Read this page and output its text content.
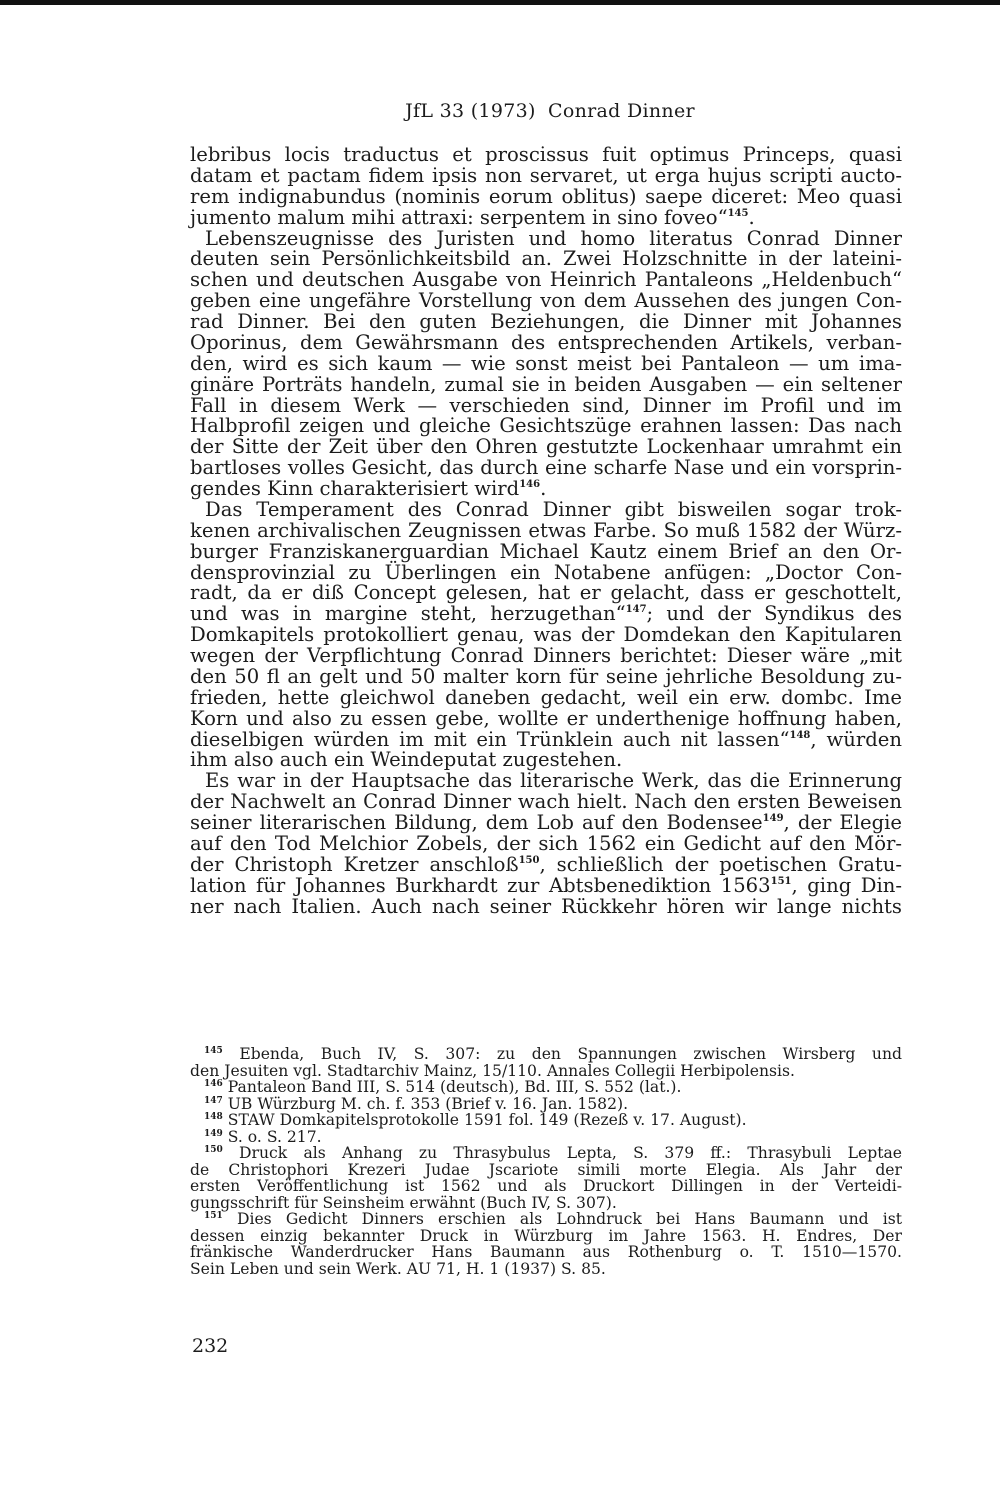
JfL 33 (1973) Conrad Dinner
lebribus locis traductus et proscissus fuit optimus Princeps, quasi
datam et pactam fidem ipsis non servaret, ut erga hujus scripti aucto-
rem indignabundus (nominis eorum oblitus) saepe diceret: Meo quasi
jumento malum mihi attraxi: serpentem in sino foveo“$^{145}$.
Lebenszeugnisse des Juristen und homo literatus Conrad Dinner
deuten sein Persönlichkeitsbild an. Zwei Holzschnitte in der lateini-
schen und deutschen Ausgabe von Heinrich Pantaleons „Heldenbuch“
geben eine ungefähre Vorstellung von dem Aussehen des jungen Con-
rad Dinner. Bei den guten Beziehungen, die Dinner mit Johannes
Oporinus, dem Gewährsmann des entsprechenden Artikels, verban-
den, wird es sich kaum — wie sonst meist bei Pantaleon — um ima-
ginäre Porträts handeln, zumal sie in beiden Ausgaben — ein seltener
Fall in diesem Werk — verschieden sind, Dinner im Profil und im
Halbprofil zeigen und gleiche Gesichtszüge erahnen lassen: Das nach
der Sitte der Zeit über den Ohren gestutzte Lockenhaar umrahmt ein
bartloses volles Gesicht, das durch eine scharfe Nase und ein vorsprin-
gendes Kinn charakterisiert wird$^{146}$.
Das Temperament des Conrad Dinner gibt bisweilen sogar trok-
kenen archivalischen Zeugnissen etwas Farbe. So muß 1582 der Würz-
burger Franziskanerguardian Michael Kautz einem Brief an den Or-
densprovinzial zu Überlingen ein Notabene anfügen: „Doctor Con-
radt, da er diß Concept gelesen, hat er gelacht, dass er geschottelt,
und was in margine steht, herzugethan“$^{147}$; und der Syndikus des
Domkapitels protokolliert genau, was der Domdekan den Kapitularen
wegen der Verpflichtung Conrad Dinners berichtet: Dieser wäre „mit
den 50 fl an gelt und 50 malter korn für seine jehrliche Besoldung zu-
frieden, hette gleichwol daneben gedacht, weil ein erw. dombc. Ime
Korn und also zu essen gebe, wollte er underthenige hoffnung haben,
dieselbigen würden im mit ein Trünklein auch nit lassen“$^{148}$, würden
ihm also auch ein Weindeputat zugestehen.
Es war in der Hauptsache das literarische Werk, das die Erinnerung
der Nachwelt an Conrad Dinner wach hielt. Nach den ersten Beweisen
seiner literarischen Bildung, dem Lob auf den Bodensee$^{149}$, der Elegie
auf den Tod Melchior Zobels, der sich 1562 ein Gedicht auf den Mör-
der Christoph Kretzer anschloß$^{150}$, schließlich der poetischen Gratu-
lation für Johannes Burkhardt zur Abtsbenediktion 1563$^{151}$, ging Din-
ner nach Italien. Auch nach seiner Rückkehr hören wir lange nichts
$^{145}$ Ebenda, Buch IV, S. 307: zu den Spannungen zwischen Wirsberg und
den Jesuiten vgl. Stadtarchiv Mainz, 15/110. Annales Collegii Herbipolensis.
$^{146}$ Pantaleon Band III, S. 514 (deutsch), Bd. III, S. 552 (lat.).
$^{147}$ UB Würzburg M. ch. f. 353 (Brief v. 16. Jan. 1582).
$^{148}$ STAW Domkapitelsprotokolle 1591 fol. 149 (Rezeß v. 17. August).
$^{149}$ S. o. S. 217.
$^{150}$ Druck als Anhang zu Thrasybulus Lepta, S. 379 ff.: Thrasybuli Leptae
de Christophori Krezeri Judae Jscariote simili morte Elegia. Als Jahr der
ersten Veröffentlichung ist 1562 und als Druckort Dillingen in der Verteidi-
gungsschrift für Seinsheim erwähnt (Buch IV, S. 307).
$^{151}$ Dies Gedicht Dinners erschien als Lohndruck bei Hans Baumann und ist
dessen einzig bekannter Druck in Würzburg im Jahre 1563. H. Endres, Der
fränkische Wanderdrucker Hans Baumann aus Rothenburg o. T. 1510—1570.
Sein Leben und sein Werk. AU 71, H. 1 (1937) S. 85.
232
